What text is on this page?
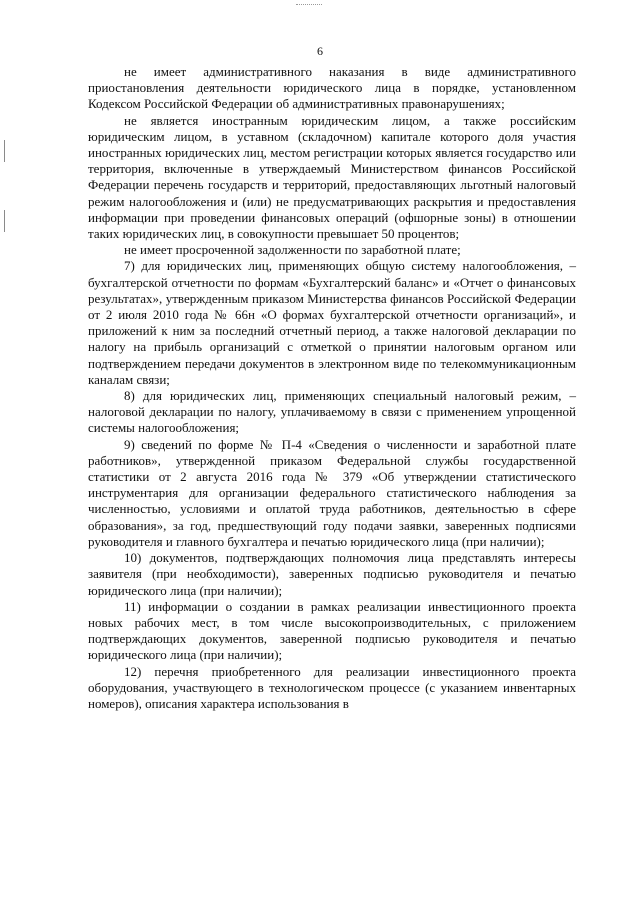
6

не имеет административного наказания в виде административного приостановления деятельности юридического лица в порядке, установленном Кодексом Российской Федерации об административных правонарушениях;

не является иностранным юридическим лицом, а также российским юридическим лицом, в уставном (складочном) капитале которого доля участия иностранных юридических лиц, местом регистрации которых является государство или территория, включенные в утверждаемый Министерством финансов Российской Федерации перечень государств и территорий, предоставляющих льготный налоговый режим налогообложения и (или) не предусматривающих раскрытия и предоставления информации при проведении финансовых операций (офшорные зоны) в отношении таких юридических лиц, в совокупности превышает 50 процентов;

не имеет просроченной задолженности по заработной плате;

7) для юридических лиц, применяющих общую систему налогообложения, – бухгалтерской отчетности по формам «Бухгалтерский баланс» и «Отчет о финансовых результатах», утвержденным приказом Министерства финансов Российской Федерации от 2 июля 2010 года № 66н «О формах бухгалтерской отчетности организаций», и приложений к ним за последний отчетный период, а также налоговой декларации по налогу на прибыль организаций с отметкой о принятии налоговым органом или подтверждением передачи документов в электронном виде по телекоммуникационным каналам связи;

8) для юридических лиц, применяющих специальный налоговый режим, – налоговой декларации по налогу, уплачиваемому в связи с применением упрощенной системы налогообложения;

9) сведений по форме № П-4 «Сведения о численности и заработной плате работников», утвержденной приказом Федеральной службы государственной статистики от 2 августа 2016 года № 379 «Об утверждении статистического инструментария для организации федерального статистического наблюдения за численностью, условиями и оплатой труда работников, деятельностью в сфере образования», за год, предшествующий году подачи заявки, заверенных подписями руководителя и главного бухгалтера и печатью юридического лица (при наличии);

10) документов, подтверждающих полномочия лица представлять интересы заявителя (при необходимости), заверенных подписью руководителя и печатью юридического лица (при наличии);

11) информации о создании в рамках реализации инвестиционного проекта новых рабочих мест, в том числе высокопроизводительных, с приложением подтверждающих документов, заверенной подписью руководителя и печатью юридического лица (при наличии);

12) перечня приобретенного для реализации инвестиционного проекта оборудования, участвующего в технологическом процессе (с указанием инвентарных номеров), описания характера использования в
